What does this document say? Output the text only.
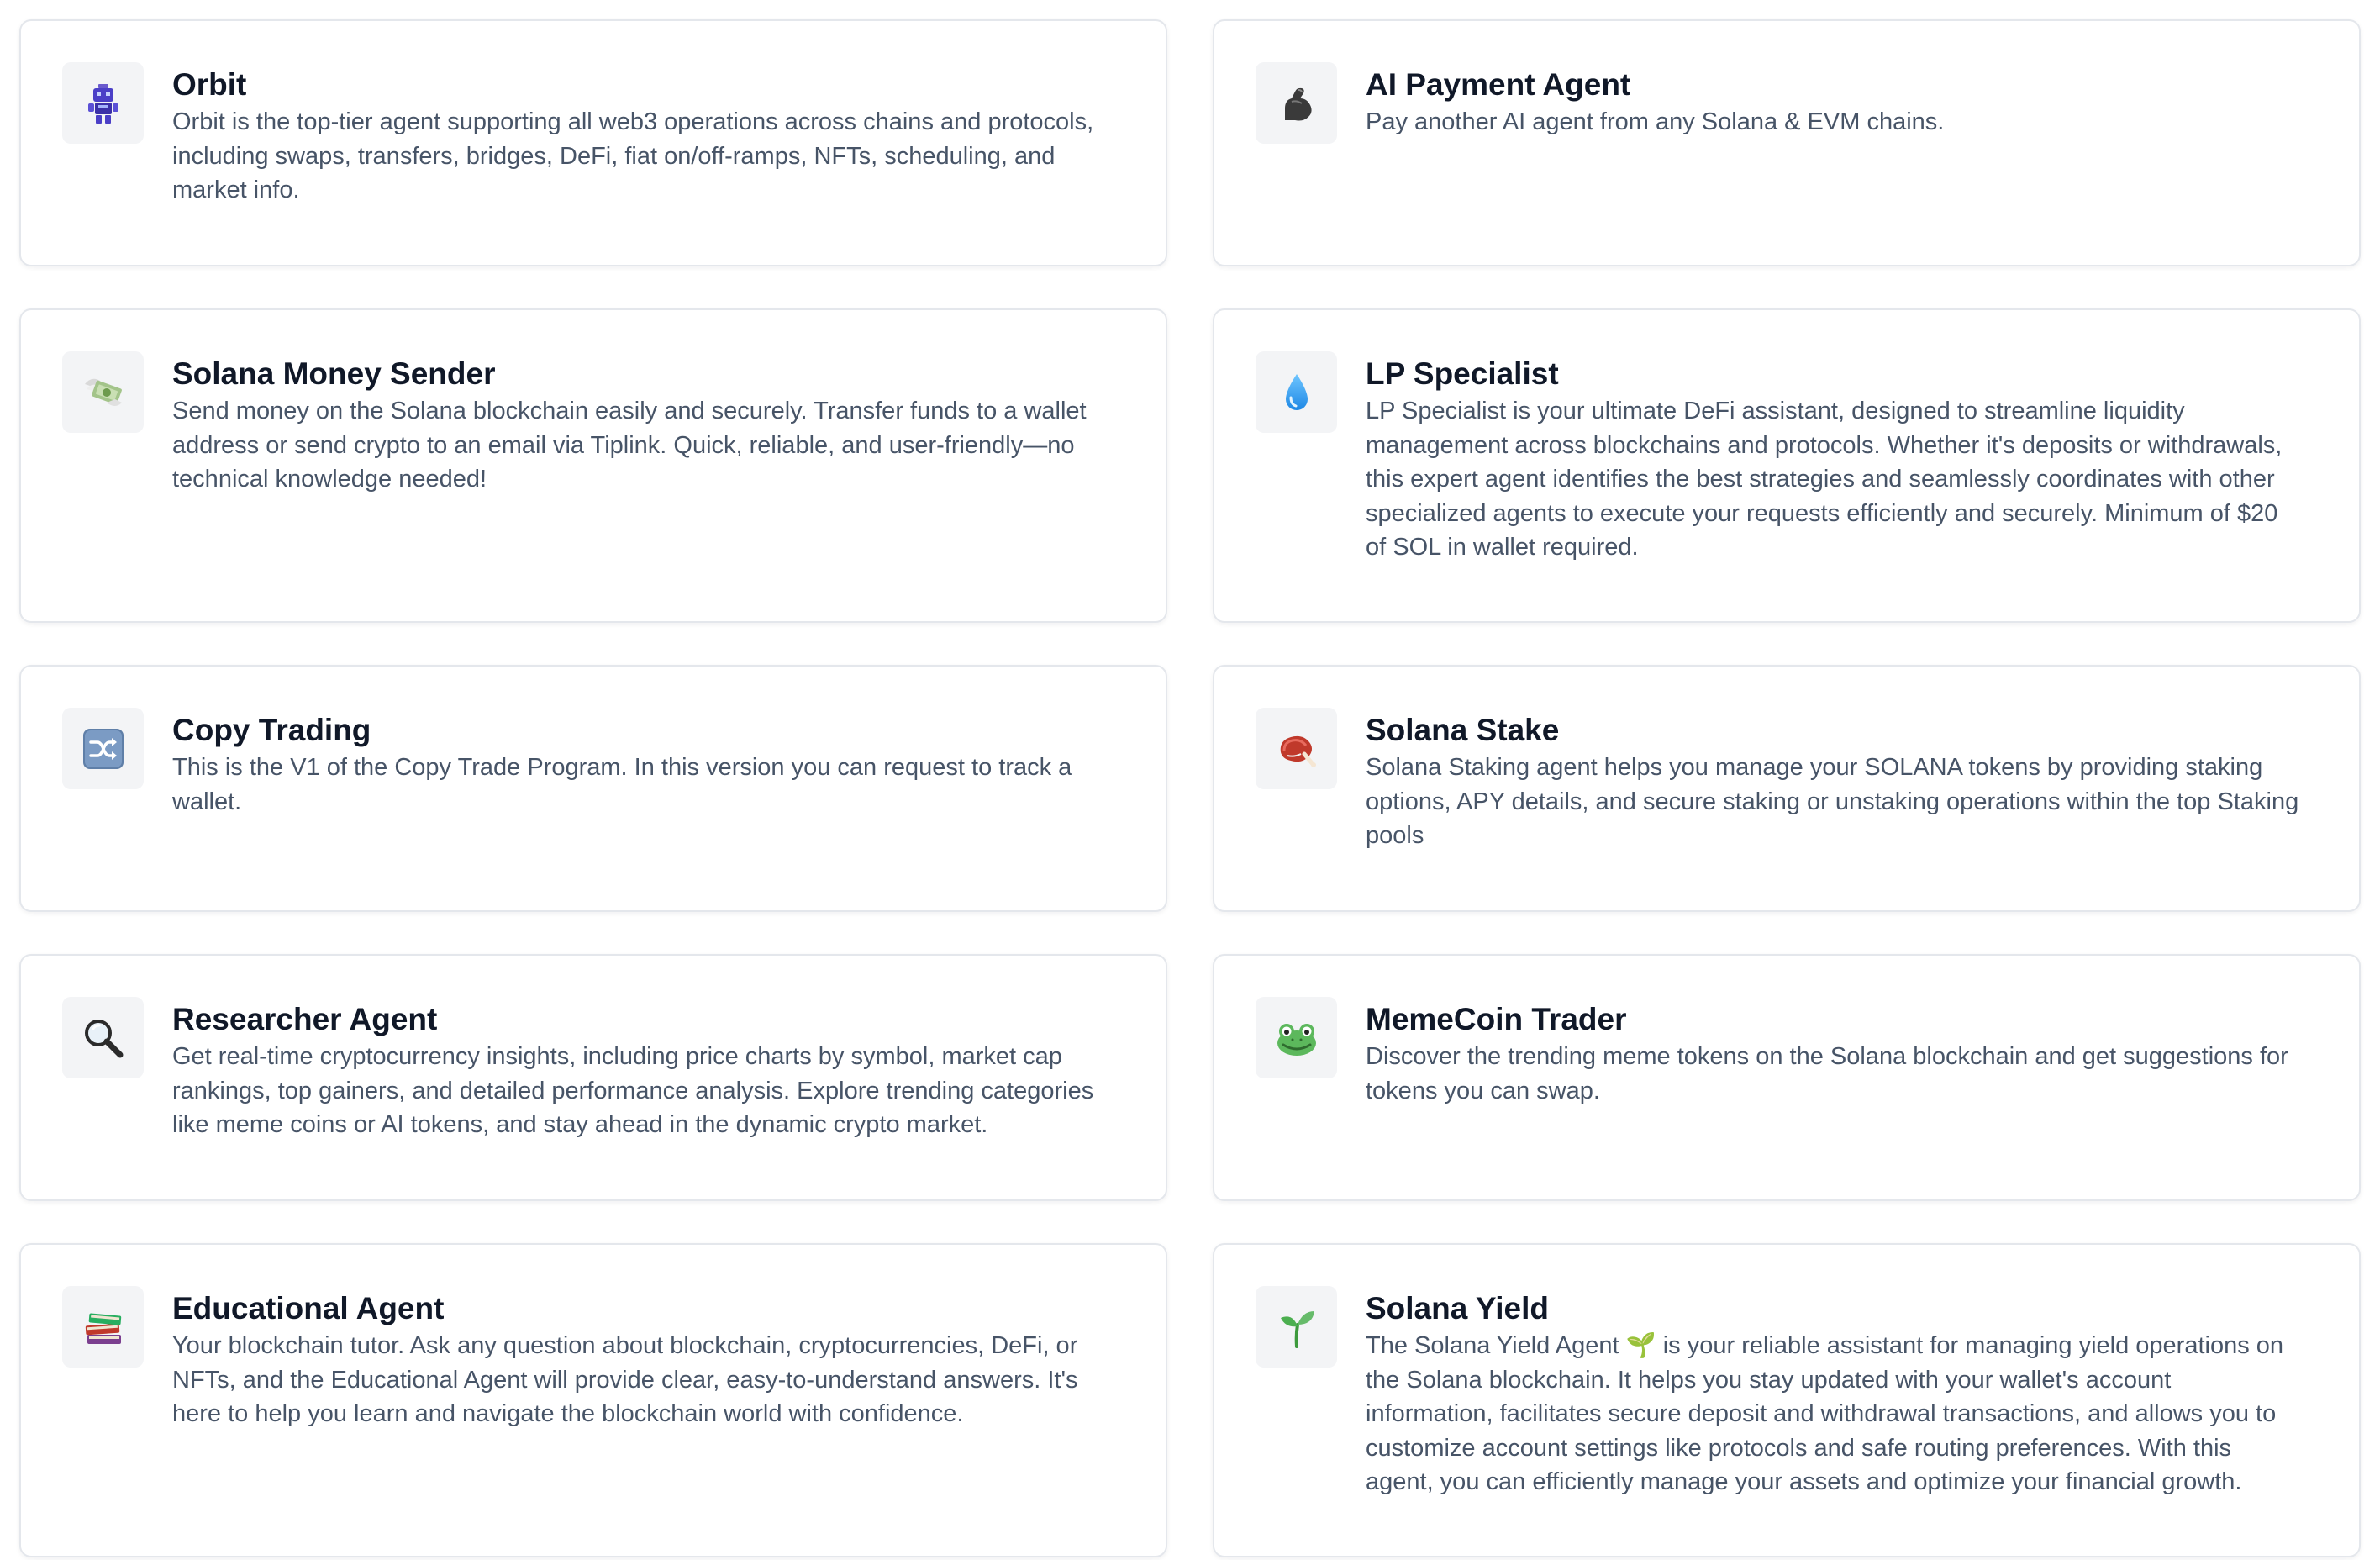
Orbit

Orbit is the top-tier agent supporting all web3 operations across chains and protocols,
including swaps, transfers, bridges, DeFi, fiat on/off-ramps, NFTs, scheduling, and
market info.

AI Payment Agent

Pay another AI agent from any Solana & EVM chains.

Solana Money Sender

Send money on the Solana blockchain easily and securely. Transfer funds to a wallet
address or send crypto to an email via Tiplink. Quick, reliable, and user-friendly—no
technical knowledge needed!

LP Specialist

LP Specialist is your ultimate DeFi assistant, designed to streamline liquidity
management across blockchains and protocols. Whether it's deposits or withdrawals,
this expert agent identifies the best strategies and seamlessly coordinates with other
specialized agents to execute your requests efficiently and securely. Minimum of $20
of SOL in wallet required.

Copy Trading

This is the V1 of the Copy Trade Program. In this version you can request to track a
wallet.

Solana Stake

Solana Staking agent helps you manage your SOLANA tokens by providing staking
options, APY details, and secure staking or unstaking operations within the top Staking
pools

Researcher Agent

Get real-time cryptocurrency insights, including price charts by symbol, market cap
rankings, top gainers, and detailed performance analysis. Explore trending categories
like meme coins or AI tokens, and stay ahead in the dynamic crypto market.

MemeCoin Trader

Discover the trending meme tokens on the Solana blockchain and get suggestions for
tokens you can swap.

Educational Agent

Your blockchain tutor. Ask any question about blockchain, cryptocurrencies, DeFi, or
NFTs, and the Educational Agent will provide clear, easy-to-understand answers. It's
here to help you learn and navigate the blockchain world with confidence.

Solana Yield

The Solana Yield Agent 🌱 is your reliable assistant for managing yield operations on
the Solana blockchain. It helps you stay updated with your wallet's account
information, facilitates secure deposit and withdrawal transactions, and allows you to
customize account settings like protocols and safe routing preferences. With this
agent, you can efficiently manage your assets and optimize your financial growth.
